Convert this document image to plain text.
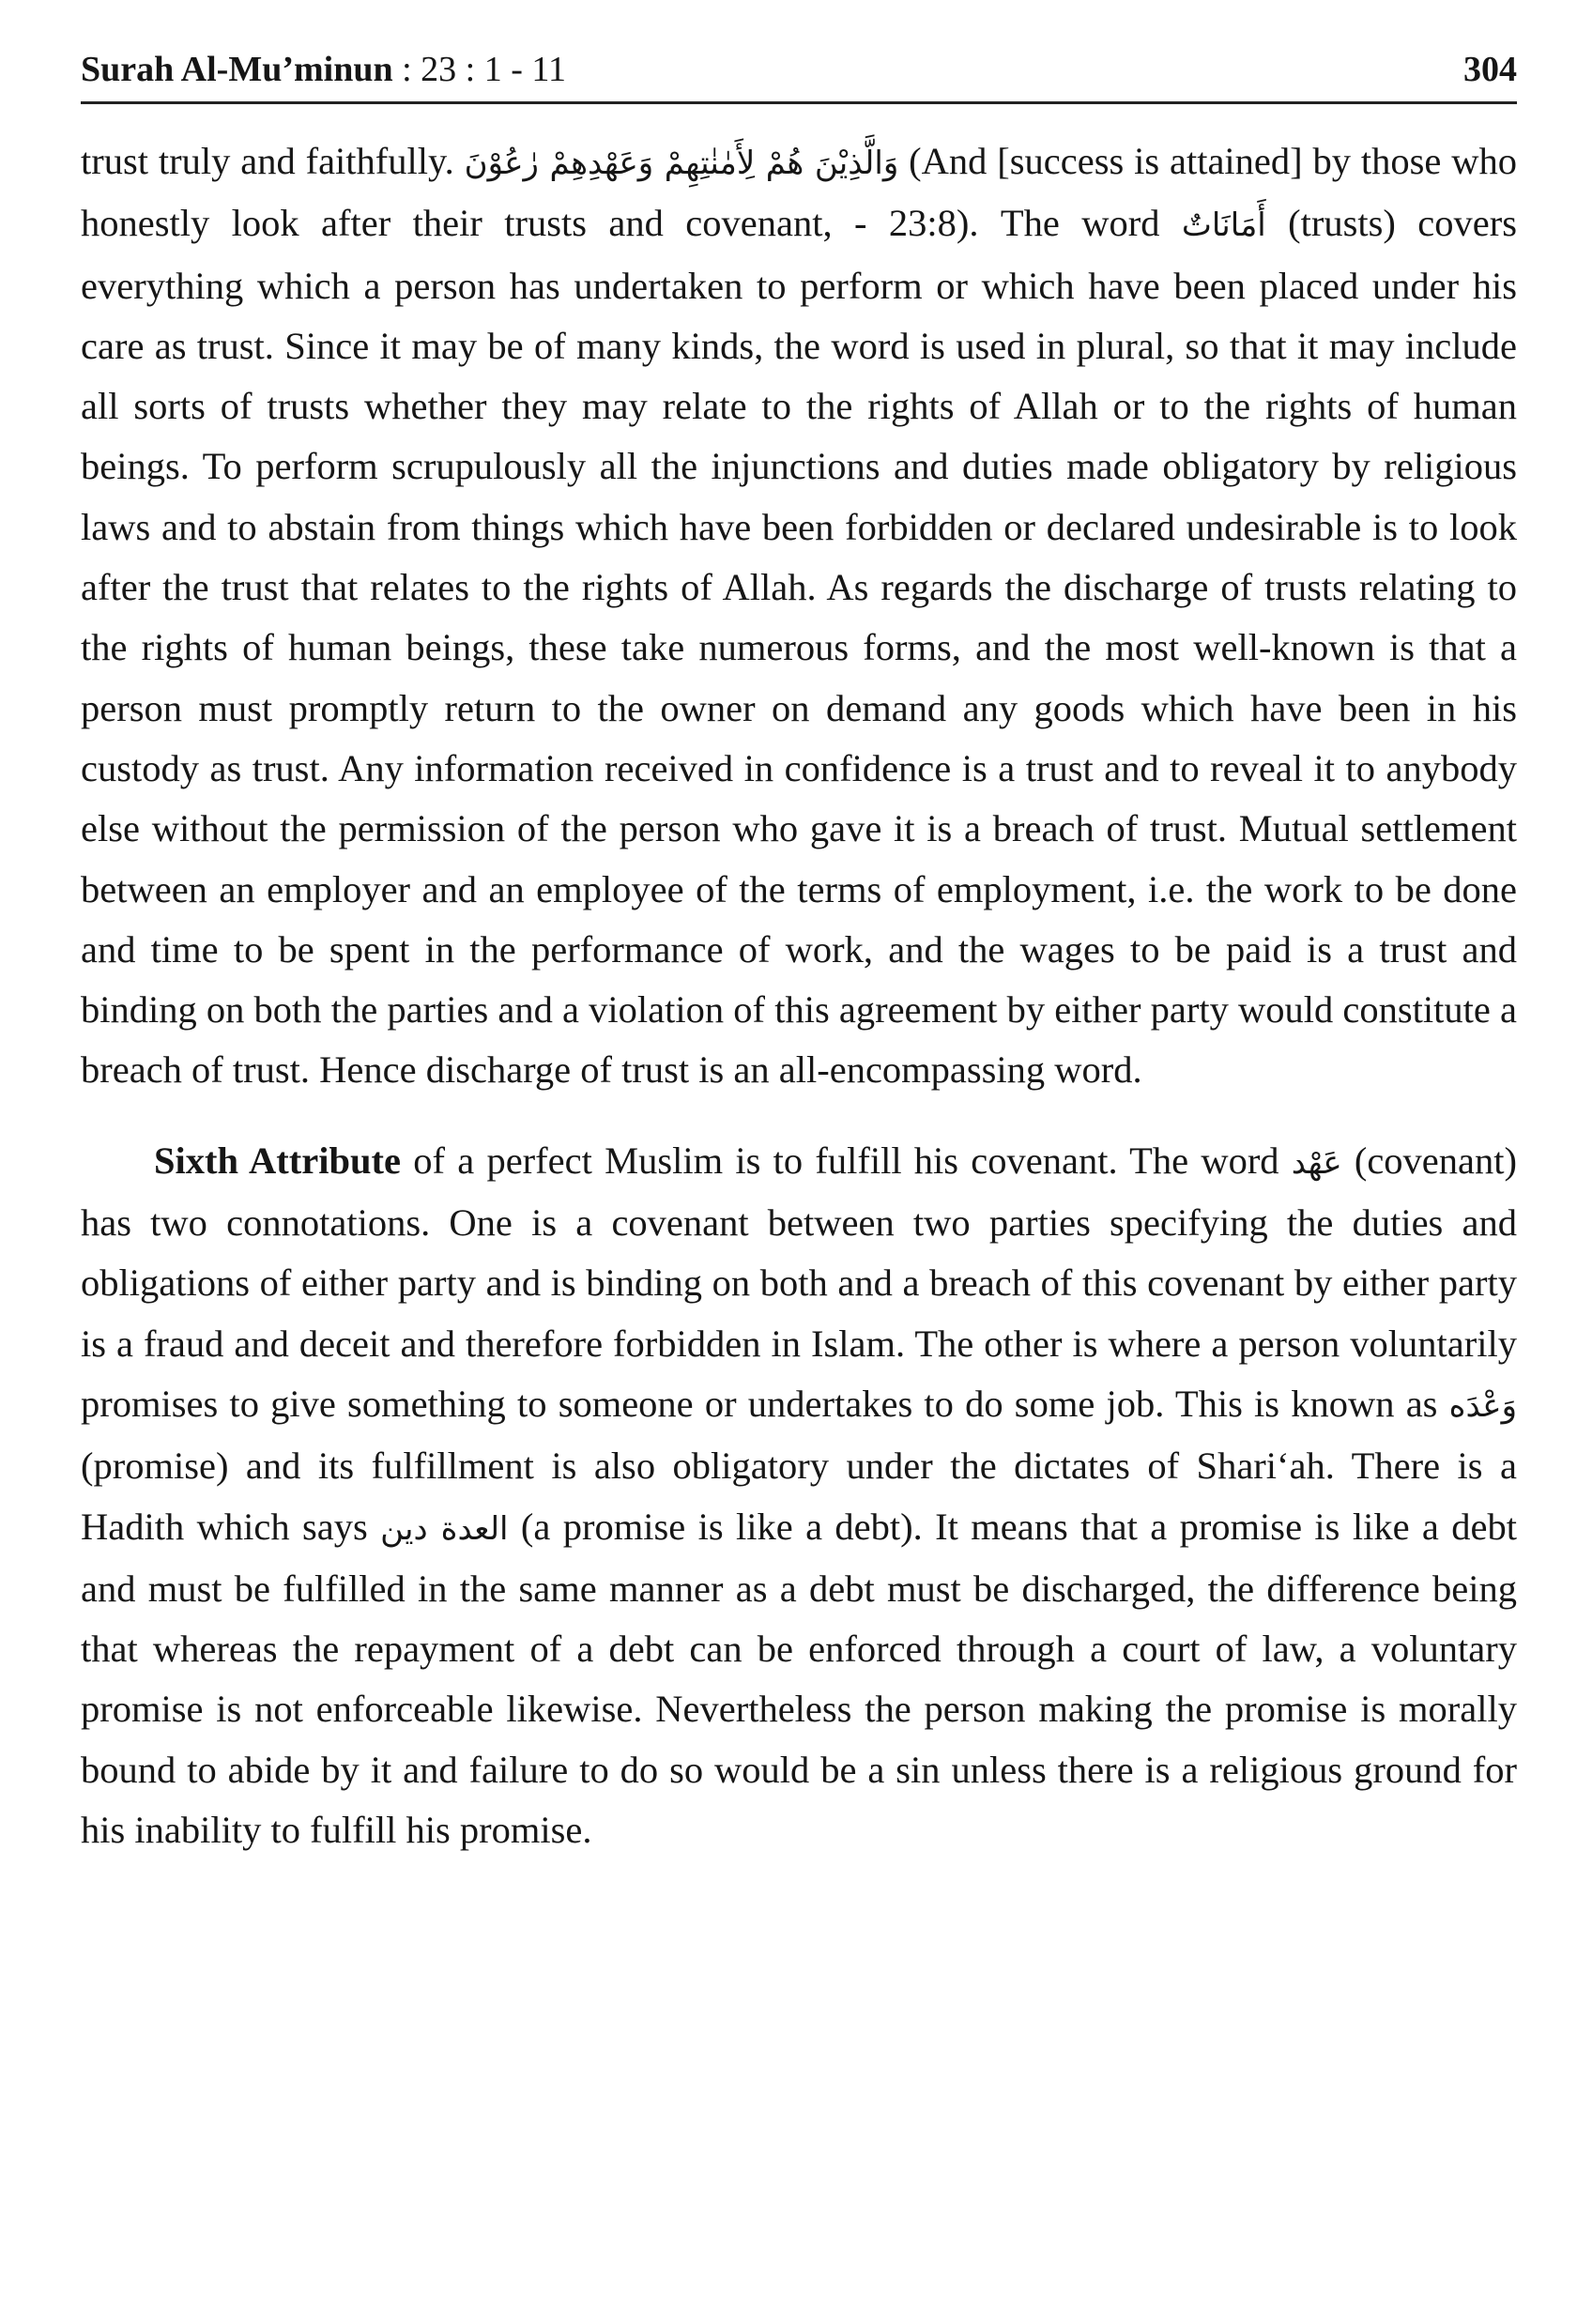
Surah Al-Mu’minun : 23 : 1 - 11	304

trust truly and faithfully. وَالَّذِيْنَ هُمْ لِأَمٰنٰتِهِمْ وَعَهْدِهِمْ رٰعُوْنَ (And [success is attained] by those who honestly look after their trusts and covenant, - 23:8). The word أَمَانَاتٌ (trusts) covers everything which a person has undertaken to perform or which have been placed under his care as trust. Since it may be of many kinds, the word is used in plural, so that it may include all sorts of trusts whether they may relate to the rights of Allah or to the rights of human beings. To perform scrupulously all the injunctions and duties made obligatory by religious laws and to abstain from things which have been forbidden or declared undesirable is to look after the trust that relates to the rights of Allah. As regards the discharge of trusts relating to the rights of human beings, these take numerous forms, and the most well-known is that a person must promptly return to the owner on demand any goods which have been in his custody as trust. Any information received in confidence is a trust and to reveal it to anybody else without the permission of the person who gave it is a breach of trust. Mutual settlement between an employer and an employee of the terms of employment, i.e. the work to be done and time to be spent in the performance of work, and the wages to be paid is a trust and binding on both the parties and a violation of this agreement by either party would constitute a breach of trust. Hence discharge of trust is an all-encompassing word.

Sixth Attribute of a perfect Muslim is to fulfill his covenant. The word عَهْد (covenant) has two connotations. One is a covenant between two parties specifying the duties and obligations of either party and is binding on both and a breach of this covenant by either party is a fraud and deceit and therefore forbidden in Islam. The other is where a person voluntarily promises to give something to someone or undertakes to do some job. This is known as وَعْدَه (promise) and its fulfillment is also obligatory under the dictates of Shari‘ah. There is a Hadith which says العدة دين (a promise is like a debt). It means that a promise is like a debt and must be fulfilled in the same manner as a debt must be discharged, the difference being that whereas the repayment of a debt can be enforced through a court of law, a voluntary promise is not enforceable likewise. Nevertheless the person making the promise is morally bound to abide by it and failure to do so would be a sin unless there is a religious ground for his inability to fulfill his promise.
